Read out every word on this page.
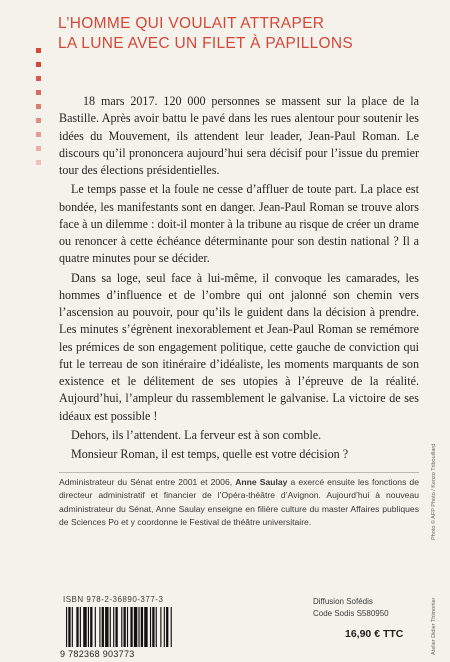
L’HOMME QUI VOULAIT ATTRAPER
LA LUNE AVEC UN FILET À PAPILLONS

18 mars 2017. 120 000 personnes se massent sur la place de la Bastille. Après avoir battu le pavé dans les rues alentour pour soutenir les idées du Mouvement, ils attendent leur leader, Jean-Paul Roman. Le discours qu’il prononcera aujourd’hui sera décisif pour l’issue du premier tour des élections présidentielles.

Le temps passe et la foule ne cesse d’affluer de toute part. La place est bondée, les manifestants sont en danger. Jean-Paul Roman se trouve alors face à un dilemme : doit-il monter à la tribune au risque de créer un drame ou renoncer à cette échéance déterminante pour son destin national ? Il a quatre minutes pour se décider.

Dans sa loge, seul face à lui-même, il convoque les camarades, les hommes d’influence et de l’ombre qui ont jalonné son chemin vers l’ascension au pouvoir, pour qu’ils le guident dans la décision à prendre. Les minutes s’égrènent inexorablement et Jean-Paul Roman se remémore les prémices de son engagement politique, cette gauche de conviction qui fut le terreau de son itinéraire d’idéaliste, les moments marquants de son existence et le délitement de ses utopies à l’épreuve de la réalité. Aujourd’hui, l’ampleur du rassemblement le galvanise. La victoire de ses idéaux est possible !

Dehors, ils l’attendent. La ferveur est à son comble.

Monsieur Roman, il est temps, quelle est votre décision ?

Administrateur du Sénat entre 2001 et 2006, Anne Saulay a exercé ensuite les fonctions de directeur administratif et financier de l’Opéra-théâtre d’Avignon. Aujourd’hui à nouveau administrateur du Sénat, Anne Saulay enseigne en filière culture du master Affaires publiques de Sciences Po et y coordonne le Festival de théâtre universitaire.
ISBN 978-2-36890-377-3
9 782368 903773
Diffusion Sofédis
Code Sodis S580950
16,90 € TTC
Photo © AFP Photo / Kenzo Tribouillard
Atelier Didier Thimonier
